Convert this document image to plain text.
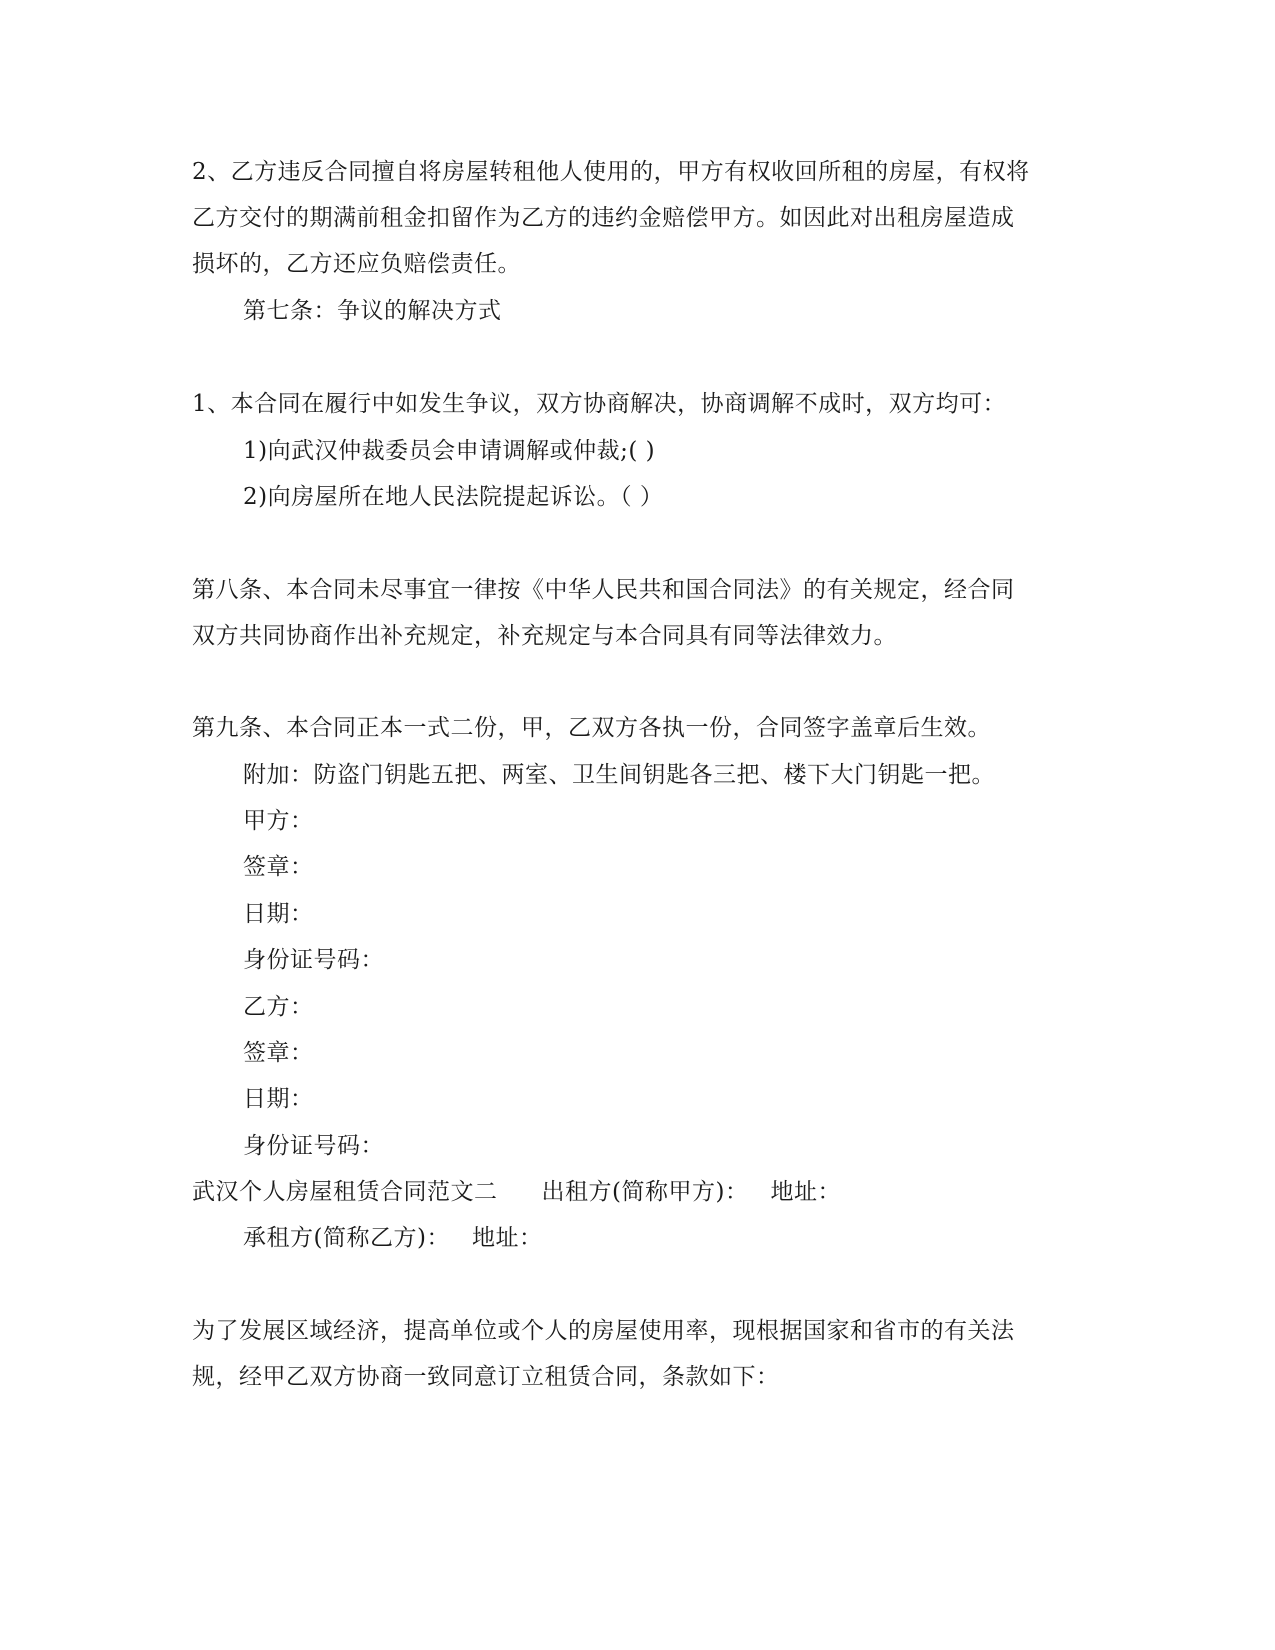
2、乙方违反合同擅自将房屋转租他人使用的，甲方有权收回所租的房屋，有权将
乙方交付的期满前租金扣留作为乙方的违约金赔偿甲方。如因此对出租房屋造成
损坏的，乙方还应负赔偿责任。
第七条：争议的解决方式
1、本合同在履行中如发生争议，双方协商解决，协商调解不成时，双方均可：
1)向武汉仲裁委员会申请调解或仲裁;( )
2)向房屋所在地人民法院提起诉讼。（ ）
第八条、本合同未尽事宜一律按《中华人民共和国合同法》的有关规定，经合同
双方共同协商作出补充规定，补充规定与本合同具有同等法律效力。
第九条、本合同正本一式二份，甲，乙双方各执一份，合同签字盖章后生效。
附加：防盗门钥匙五把、两室、卫生间钥匙各三把、楼下大门钥匙一把。
甲方：
签章：
日期：
身份证号码：
乙方：
签章：
日期：
身份证号码：
武汉个人房屋租赁合同范文二 出租方(简称甲方)： 地址：
承租方(简称乙方)： 地址：
为了发展区域经济，提高单位或个人的房屋使用率，现根据国家和省市的有关法
规，经甲乙双方协商一致同意订立租赁合同，条款如下：
